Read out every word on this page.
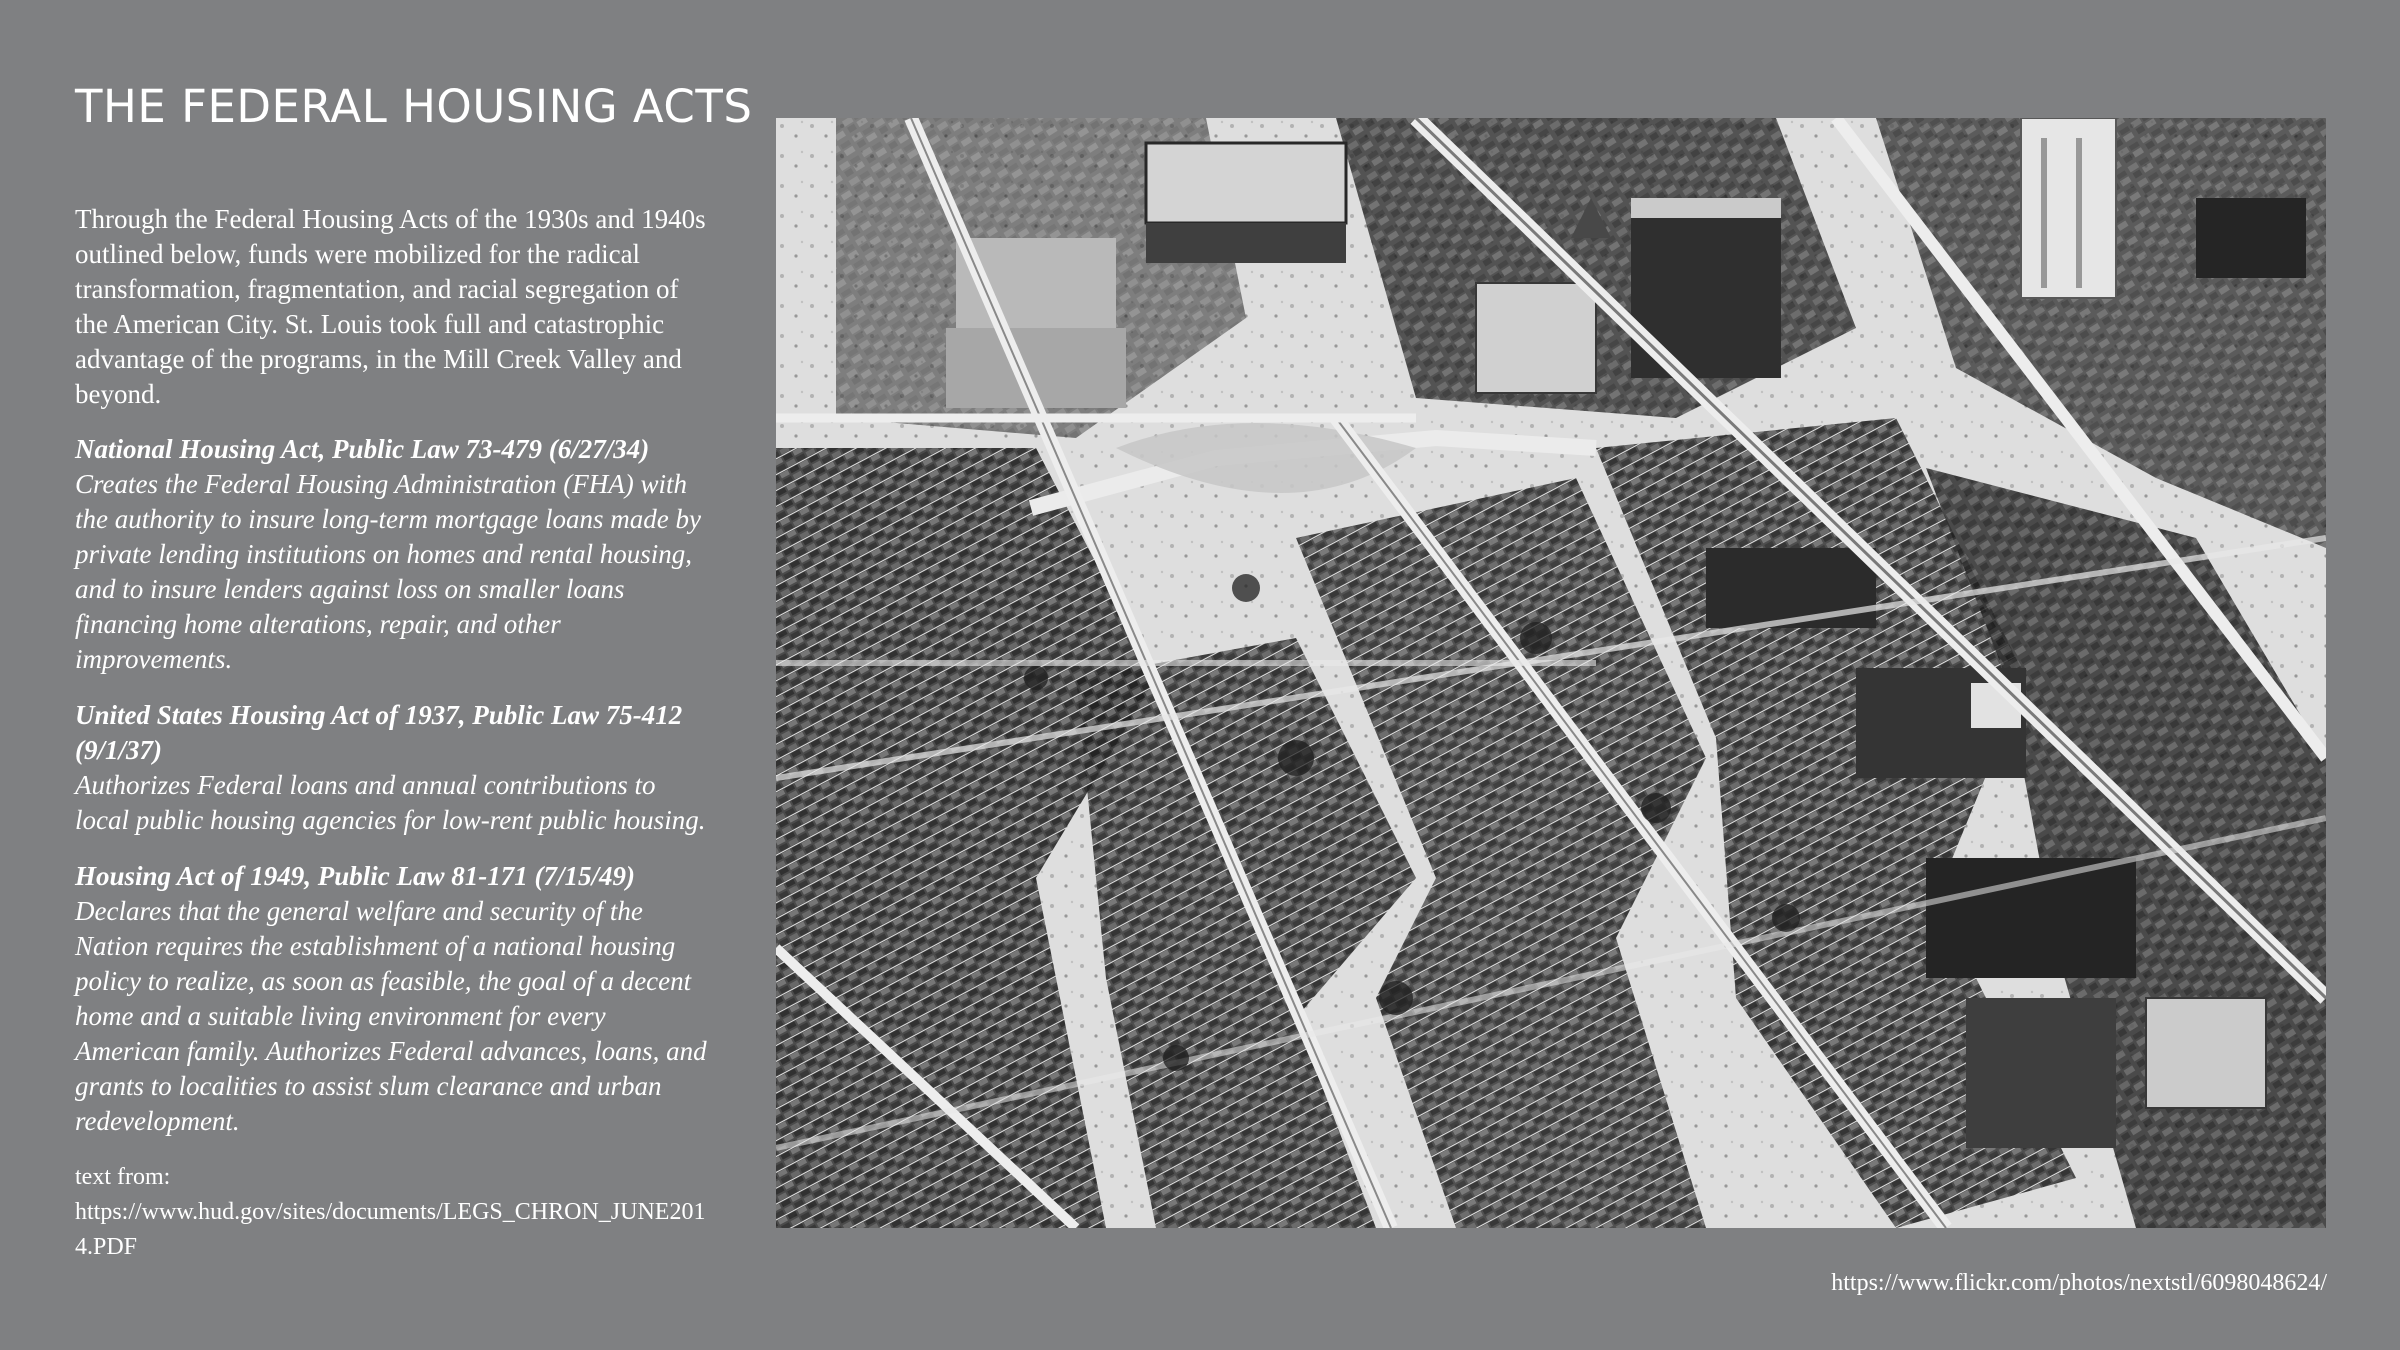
THE FEDERAL HOUSING ACTS

Through the Federal Housing Acts of the 1930s and 1940s outlined below, funds were mobilized for the radical transformation, fragmentation, and racial segregation of the American City. St. Louis took full and catastrophic advantage of the programs, in the Mill Creek Valley and beyond.

National Housing Act, Public Law 73-479 (6/27/34)
Creates the Federal Housing Administration (FHA) with the authority to insure long-term mortgage loans made by private lending institutions on homes and rental housing, and to insure lenders against loss on smaller loans financing home alterations, repair, and other improvements.
United States Housing Act of 1937, Public Law 75-412 (9/1/37)
Authorizes Federal loans and annual contributions to local public housing agencies for low-rent public housing.
Housing Act of 1949, Public Law 81-171 (7/15/49)
Declares that the general welfare and security of the Nation requires the establishment of a national housing policy to realize, as soon as feasible, the goal of a decent home and a suitable living environment for every American family. Authorizes Federal advances, loans, and grants to localities to assist slum clearance and urban redevelopment.
text from:
https://www.hud.gov/sites/documents/LEGS_CHRON_JUNE2014.PDF
https://www.flickr.com/photos/nextstl/6098048624/
